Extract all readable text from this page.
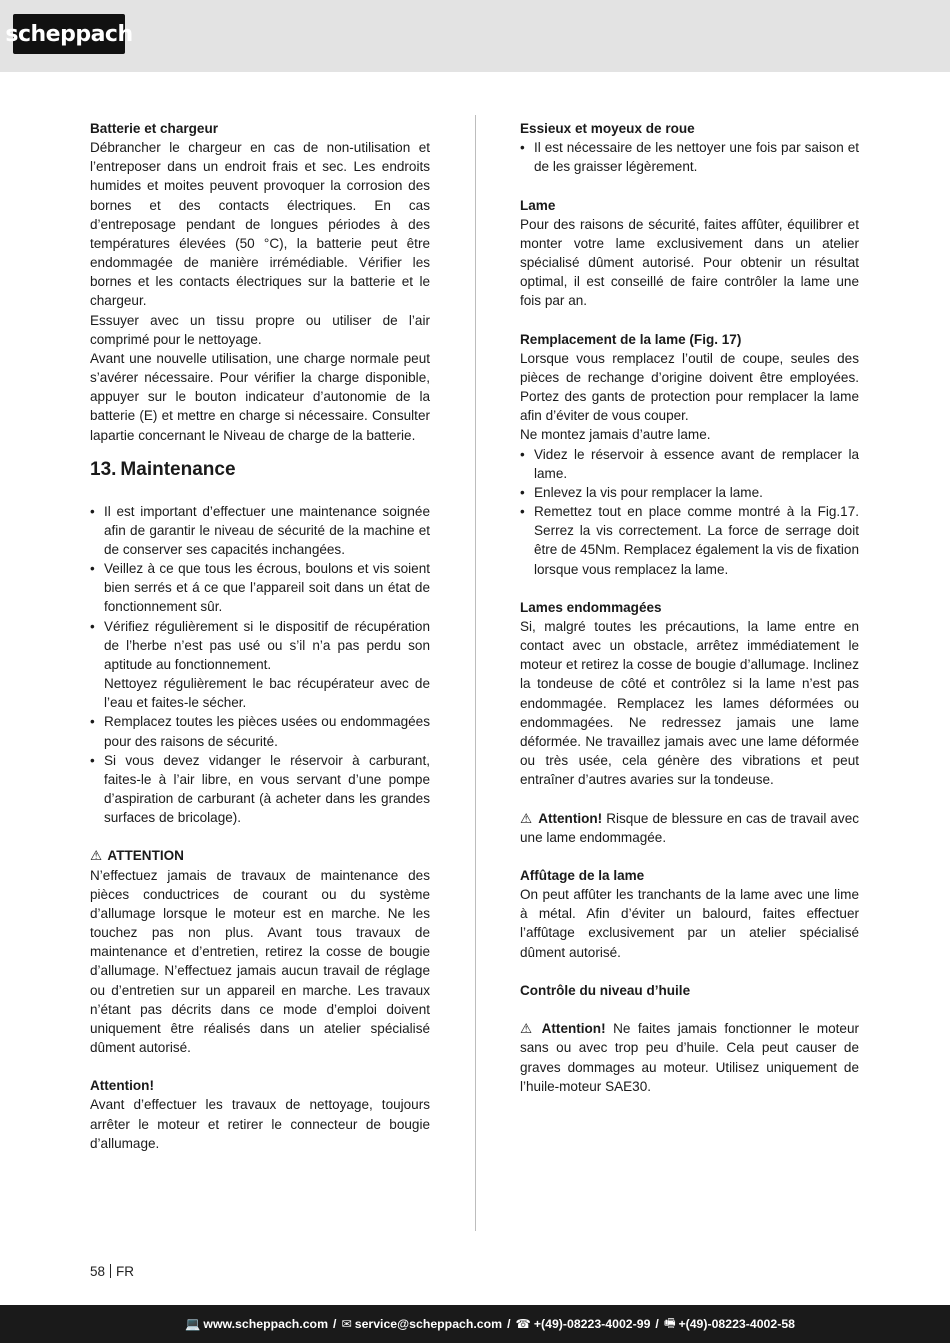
scheppach

Batterie et chargeur

Débrancher le chargeur en cas de non-utilisation et l’entreposer dans un endroit frais et sec. Les endroits humides et moites peuvent provoquer la corrosion des bornes et des contacts électriques. En cas d’entreposage pendant de longues périodes à des températures élevées (50 °C), la batterie peut être endommagée de manière irrémédiable. Vérifier les bornes et les contacts électriques sur la batterie et le chargeur.

Essuyer avec un tissu propre ou utiliser de l’air comprimé pour le nettoyage.

Avant une nouvelle utilisation, une charge normale peut s’avérer nécessaire. Pour vérifier la charge disponible, appuyer sur le bouton indicateur d’autonomie de la batterie (E) et mettre en charge si nécessaire. Consulter lapartie concernant le Niveau de charge de la batterie.

13. Maintenance
• Il est important d’effectuer une maintenance soignée afin de garantir le niveau de sécurité de la machine et de conserver ses capacités inchangées.
• Veillez à ce que tous les écrous, boulons et vis soient bien serrés et á ce que l’appareil soit dans un état de fonctionnement sûr.
• Vérifiez régulièrement si le dispositif de récupération de l’herbe n’est pas usé ou s’il n’a pas perdu son aptitude au fonctionnement.
Nettoyez régulièrement le bac récupérateur avec de l’eau et faites-le sécher.
• Remplacez toutes les pièces usées ou endommagées pour des raisons de sécurité.
• Si vous devez vidanger le réservoir à carburant, faites-le à l’air libre, en vous servant d’une pompe d’aspiration de carburant (à acheter dans les grandes surfaces de bricolage).

⚠ ATTENTION

N’effectuez jamais de travaux de maintenance des pièces conductrices de courant ou du système d’allumage lorsque le moteur est en marche. Ne les touchez pas non plus. Avant tous travaux de maintenance et d’entretien, retirez la cosse de bougie d’allumage. N’effectuez jamais aucun travail de réglage ou d’entretien sur un appareil en marche. Les travaux n’étant pas décrits dans ce mode d’emploi doivent uniquement être réalisés dans un atelier spécialisé dûment autorisé.

Attention!

Avant d’effectuer les travaux de nettoyage, toujours arrêter le moteur et retirer le connecteur de bougie d’allumage.

Essieux et moyeux de roue

• Il est nécessaire de les nettoyer une fois par saison et de les graisser légèrement.

Lame

Pour des raisons de sécurité, faites affûter, équilibrer et monter votre lame exclusivement dans un atelier spécialisé dûment autorisé. Pour obtenir un résultat optimal, il est conseillé de faire contrôler la lame une fois par an.

Remplacement de la lame (Fig. 17)

Lorsque vous remplacez l’outil de coupe, seules des pièces de rechange d’origine doivent être employées. Portez des gants de protection pour remplacer la lame afin d’éviter de vous couper.

Ne montez jamais d’autre lame.

• Videz le réservoir à essence avant de remplacer la lame.
• Enlevez la vis pour remplacer la lame.
• Remettez tout en place comme montré à la Fig.17. Serrez la vis correctement. La force de serrage doit être de 45Nm. Remplacez également la vis de fixation lorsque vous remplacez la lame.

Lames endommagées

Si, malgré toutes les précautions, la lame entre en contact avec un obstacle, arrêtez immédiatement le moteur et retirez la cosse de bougie d’allumage. Inclinez la tondeuse de côté et contrôlez si la lame n’est pas endommagée. Remplacez les lames déformées ou endommagées. Ne redressez jamais une lame déformée. Ne travaillez jamais avec une lame déformée ou très usée, cela génère des vibrations et peut entraîner d’autres avaries sur la tondeuse.

⚠ Attention! Risque de blessure en cas de travail avec une lame endommagée.

Affûtage de la lame

On peut affûter les tranchants de la lame avec une lime à métal. Afin d’éviter un balourd, faites effectuer l’affûtage exclusivement par un atelier spécialisé dûment autorisé.

Contrôle du niveau d’huile

⚠ Attention! Ne faites jamais fonctionner le moteur sans ou avec trop peu d’huile. Cela peut causer de graves dommages au moteur. Utilisez uniquement de l’huile-moteur SAE30.

58 FR
💻 www.scheppach.com / ✉ service@scheppach.com / ☎ +(49)-08223-4002-99 / 🖷 +(49)-08223-4002-58
